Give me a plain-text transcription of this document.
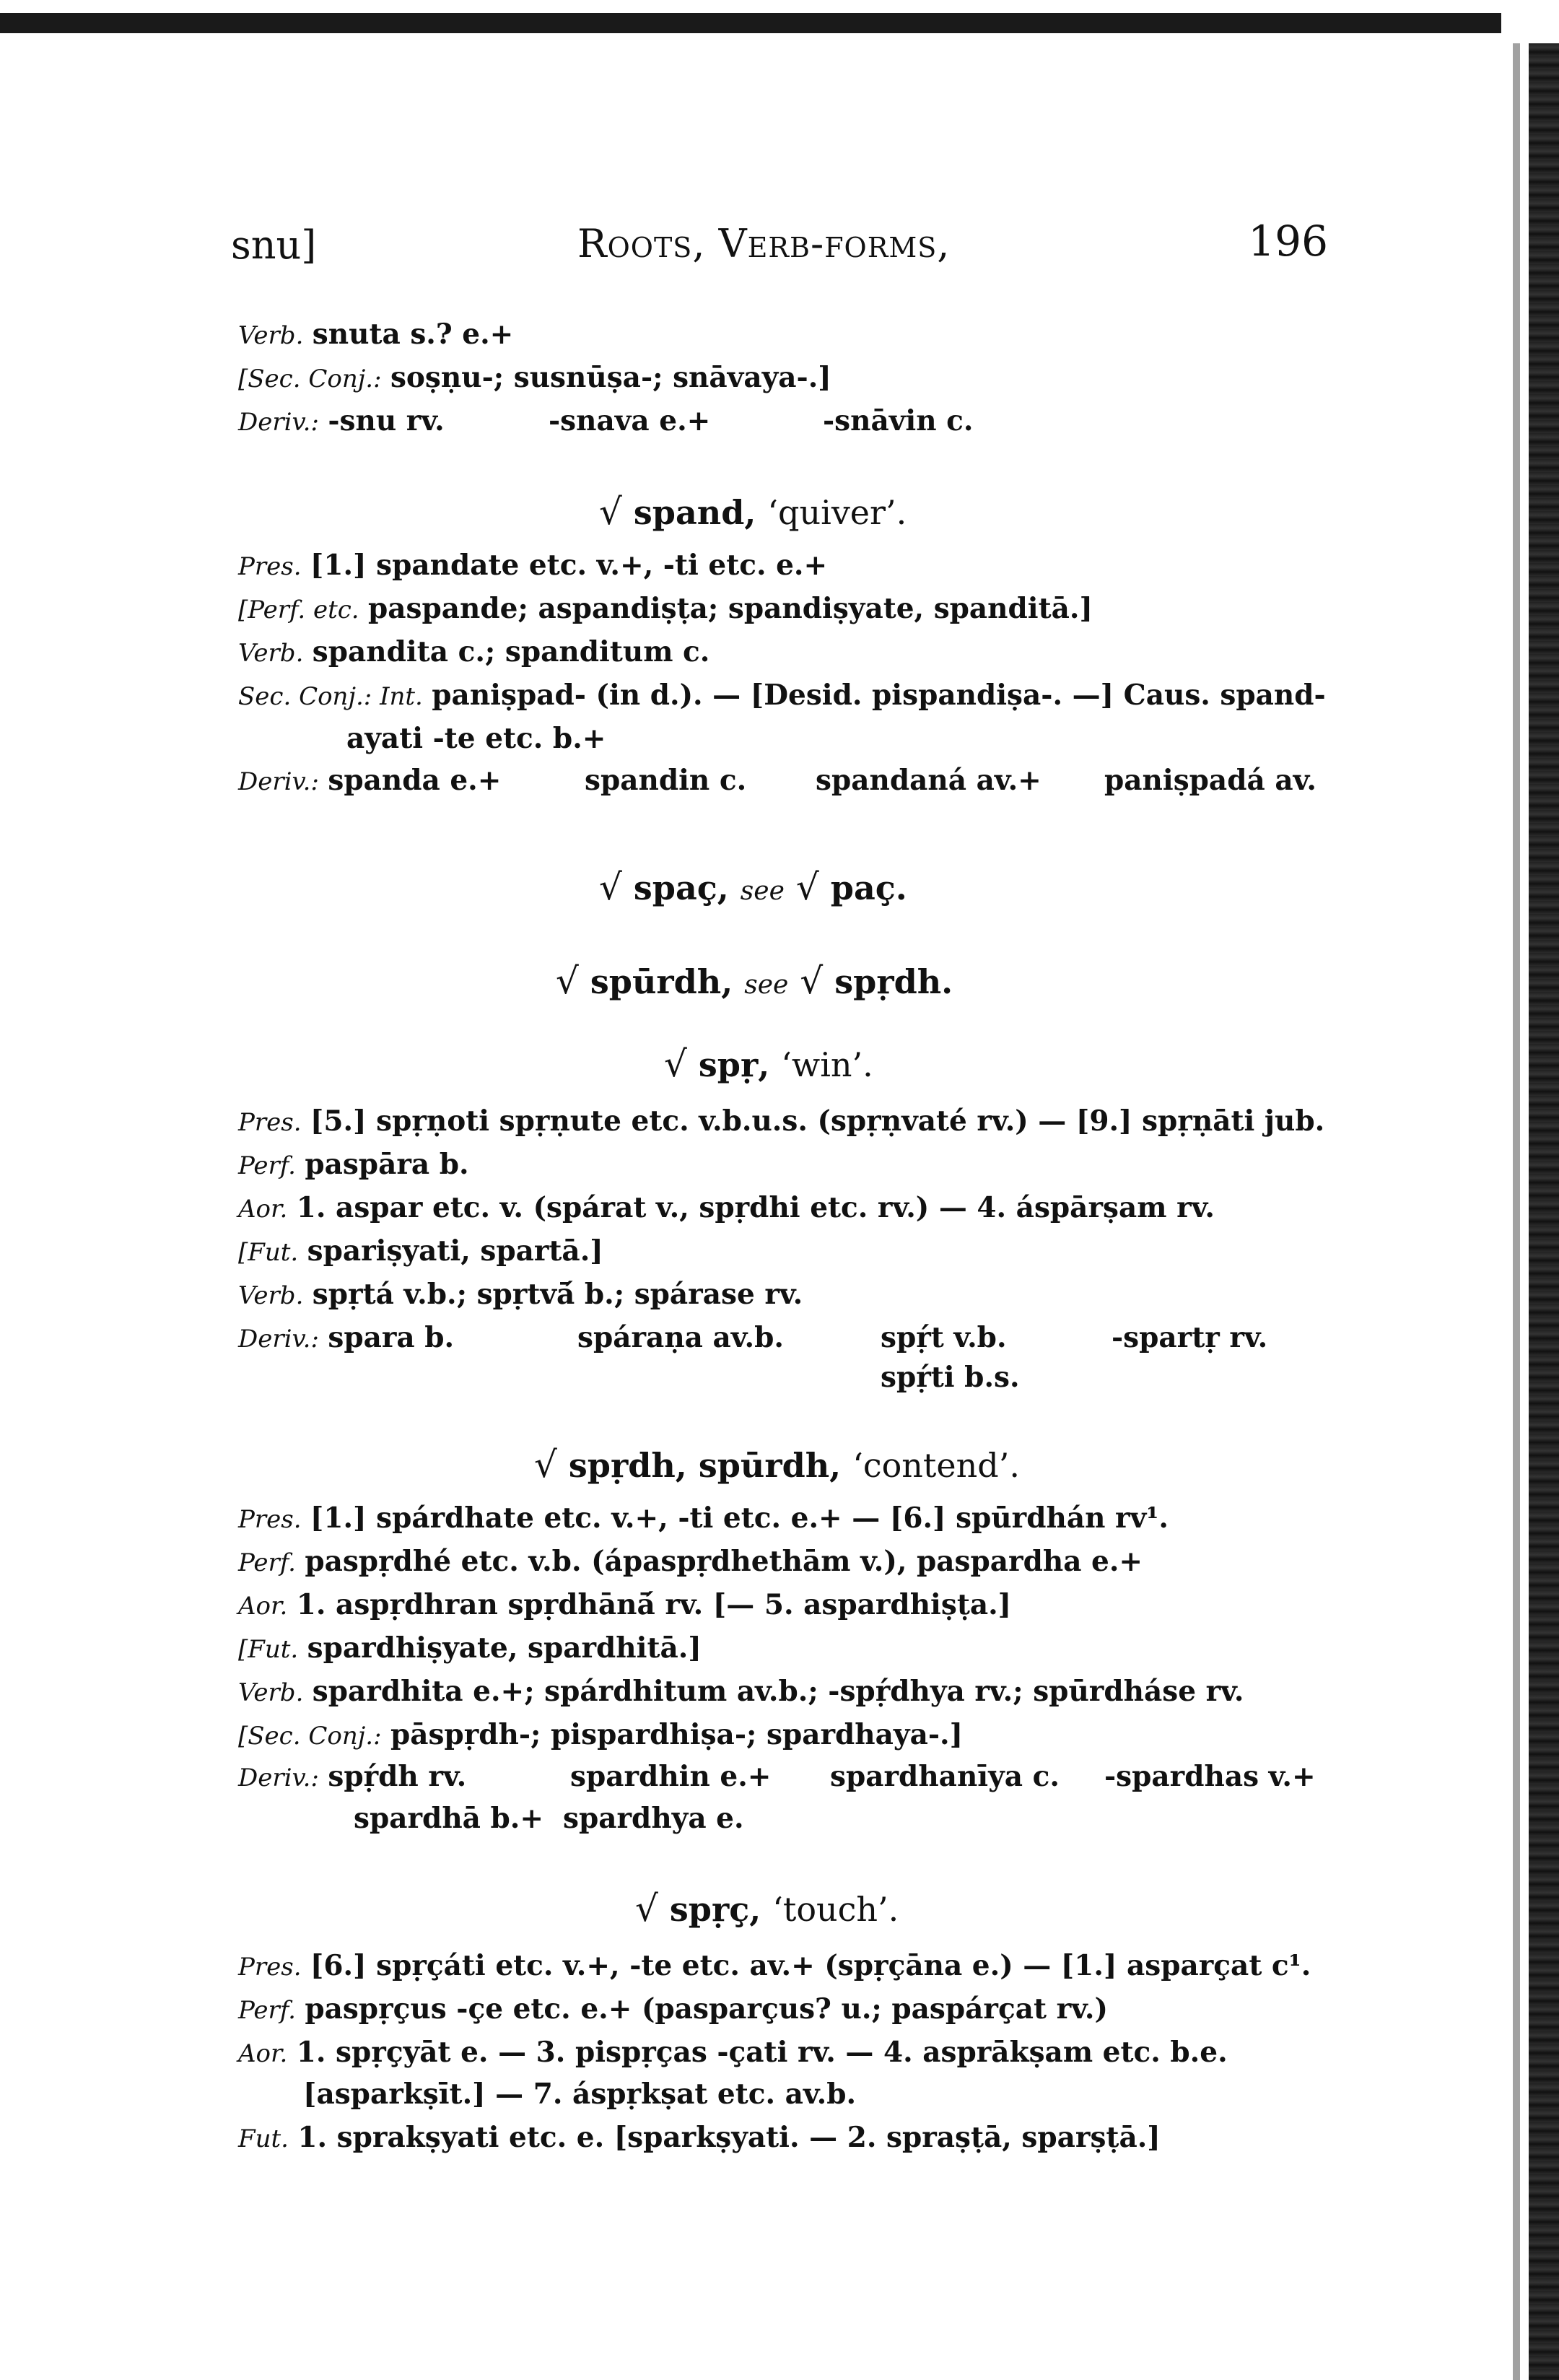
snu]	Roots, Verb-forms,	196
Verb. snuta s.? e.+
[Sec. Conj.: soṣṇu-; susnūṣa-; snāvaya-.]
Deriv.: -snu rv.	-snava e.+	-snāvin c.
√ spand, ‘quiver’.
Pres. [1.] spandate etc. v.+, -ti etc. e.+
[Perf. etc. paspande; aspandiṣṭa; spandiṣyate, spanditā.]
Verb. spandita c.; spanditum c.
Sec. Conj.: Int. paniṣpad- (in d.). — [Desid. pispandiṣa-. —] Caus. spand-
ayati -te etc. b.+
Deriv.: spanda e.+	spandin c. spandaná av.+ paniṣpadá av.
√ spaç, see √ paç.
√ spūrdh, see √ spṛdh.
√ spṛ, ‘win’.
Pres. [5.] spṛṇoti spṛṇute etc. v.b.u.s. (spṛṇvaté rv.) — [9.] spṛṇāti jub.
Perf. paspāra b.
Aor. 1. aspar etc. v. (spárat v., spṛdhi etc. rv.) — 4. áspārṣam rv.
[Fut. spariṣyati, spartā.]
Verb. spṛtá v.b.; spṛtvā́ b.; spárase rv.
Deriv.: spara b.	spáraṇa av.b.	spṛ́t v.b.	-spartṛ rv.
spṛ́ti b.s.
√ spṛdh, spūrdh, ‘contend’.
Pres. [1.] spárdhate etc. v.+, -ti etc. e.+ — [6.] spūrdhán rv¹.
Perf. paspṛdhé etc. v.b. (ápaspṛdhethām v.), paspardha e.+
Aor. 1. aspṛdhran spṛdhānā́ rv. [— 5. aspardhiṣṭa.]
[Fut. spardhiṣyate, spardhitā.]
Verb. spardhita e.+; spárdhitum av.b.; -spṛ́dhya rv.; spūrdháse rv.
[Sec. Conj.: pāspṛdh-; pispardhiṣa-; spardhaya-.]
Deriv.: spṛ́dh rv.	spardhin e.+ spardhanīya c. -spardhas v.+
spardhā b.+ spardhya e.
√ spṛç, ‘touch’.
Pres. [6.] spṛçáti etc. v.+, -te etc. av.+ (spṛçāna e.) — [1.] asparçat c¹.
Perf. paspṛçus -çe etc. e.+ (pasparçus? u.; paspárçat rv.)
Aor. 1. spṛçyāt e. — 3. pispṛças -çati rv. — 4. asprākṣam etc. b.e.
[asparkṣīt.] — 7. áspṛkṣat etc. av.b.
Fut. 1. sprakṣyati etc. e. [sparkṣyati. — 2. spraṣṭā, sparṣṭā.]
